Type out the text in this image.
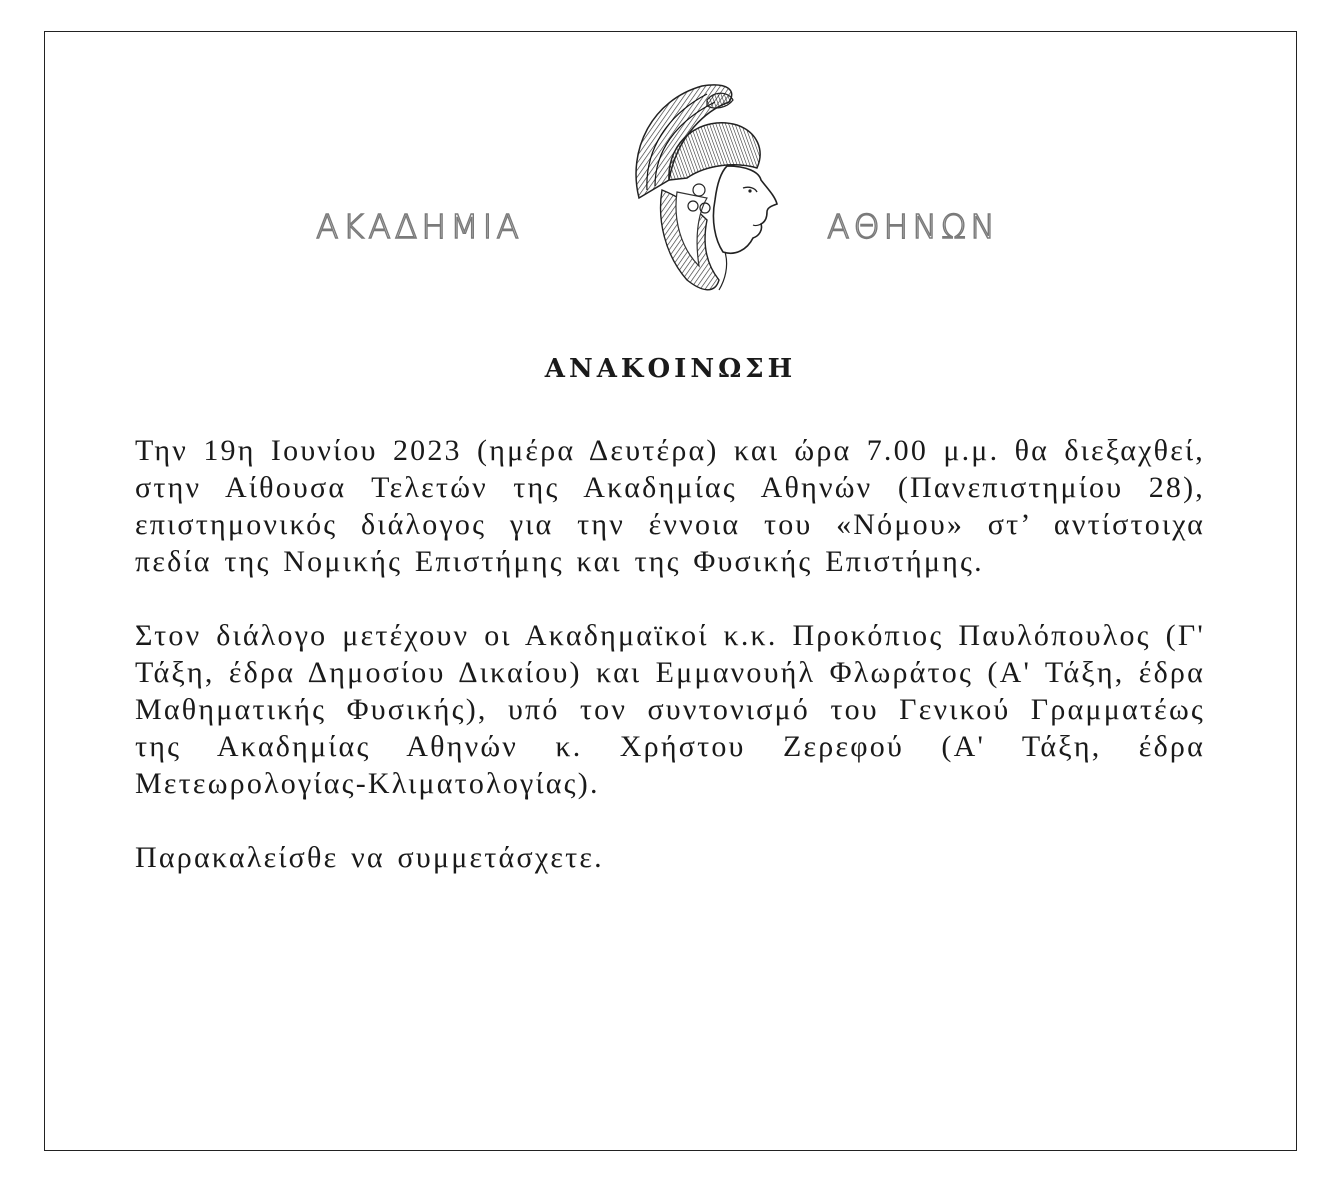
ΑΚΑΔΗΜΙΑ	ΑΘΗΝΩΝ
ΑΝΑΚΟΙΝΩΣΗ

Την 19η Ιουνίου 2023 (ημέρα Δευτέρα) και ώρα 7.00 μ.μ. θα διεξαχθεί, στην Αίθουσα Τελετών της Ακαδημίας Αθηνών (Πανεπιστημίου 28), επιστημονικός διάλογος για την έννοια του «Νόμου» στ’ αντίστοιχα πεδία της Νομικής Επιστήμης και της Φυσικής Επιστήμης.

Στον διάλογο μετέχουν οι Ακαδημαϊκοί κ.κ. Προκόπιος Παυλόπουλος (Γ' Τάξη, έδρα Δημοσίου Δικαίου) και Εμμανουήλ Φλωράτος (Α' Τάξη, έδρα Μαθηματικής Φυσικής), υπό τον συντονισμό του Γενικού Γραμματέως της Ακαδημίας Αθηνών κ. Χρήστου Ζερεφού (Α' Τάξη, έδρα Μετεωρολογίας-Κλιματολογίας).

Παρακαλείσθε να συμμετάσχετε.
